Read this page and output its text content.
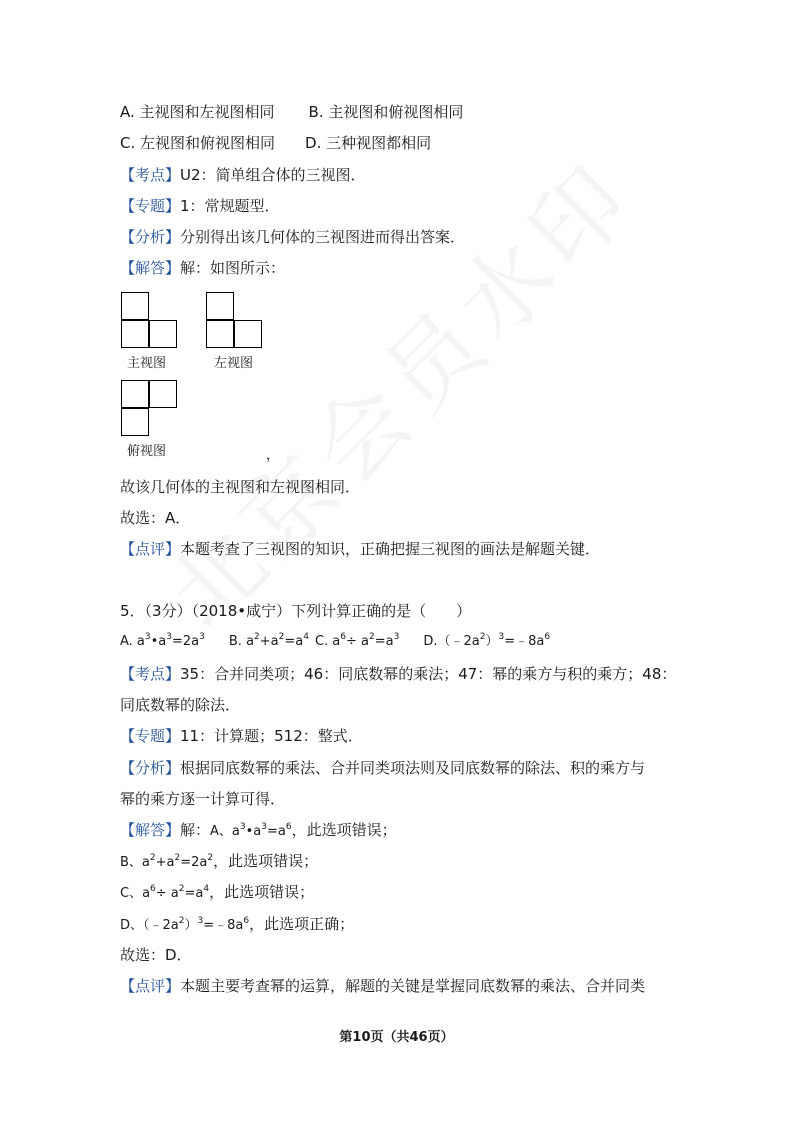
A. 主视图和左视图相同 B. 主视图和俯视图相同
C. 左视图和俯视图相同 D. 三种视图都相同
【考点】U2：简单组合体的三视图．
【专题】1：常规题型．
【分析】分别得出该几何体的三视图进而得出答案．
【解答】解：如图所示：
主视图	左视图
俯视图	，
故该几何体的主视图和左视图相同．
故选：A．
【点评】本题考查了三视图的知识，正确把握三视图的画法是解题关键．
5．（3分）（2018•咸宁）下列计算正确的是（　　）
A. $a^3•a^3=2a^3$ B. $a^2+a^2=a^4$ C. $a^6\div a^2=a^3$ $D.(﹣2a^2)^3=﹣8a^6$
【考点】35：合并同类项；46：同底数幂的乘法；47：幂的乘方与积的乘方；48：
同底数幂的除法．
【专题】11：计算题；512：整式．
【分析】根据同底数幂的乘法、合并同类项法则及同底数幂的除法、积的乘方与
幂的乘方逐一计算可得．
【解答】解：A、$a^3•a^3=a^6$，此选项错误；
B、$a^2+a^2=2a^2$，此选项错误；
C、$a^6\div a^2=a^4$，此选项错误；
D、$(﹣2a^2)^3=﹣8a^6$，此选项正确；
故选：D．
【点评】本题主要考查幂的运算，解题的关键是掌握同底数幂的乘法、合并同类
第10页（共46页）
